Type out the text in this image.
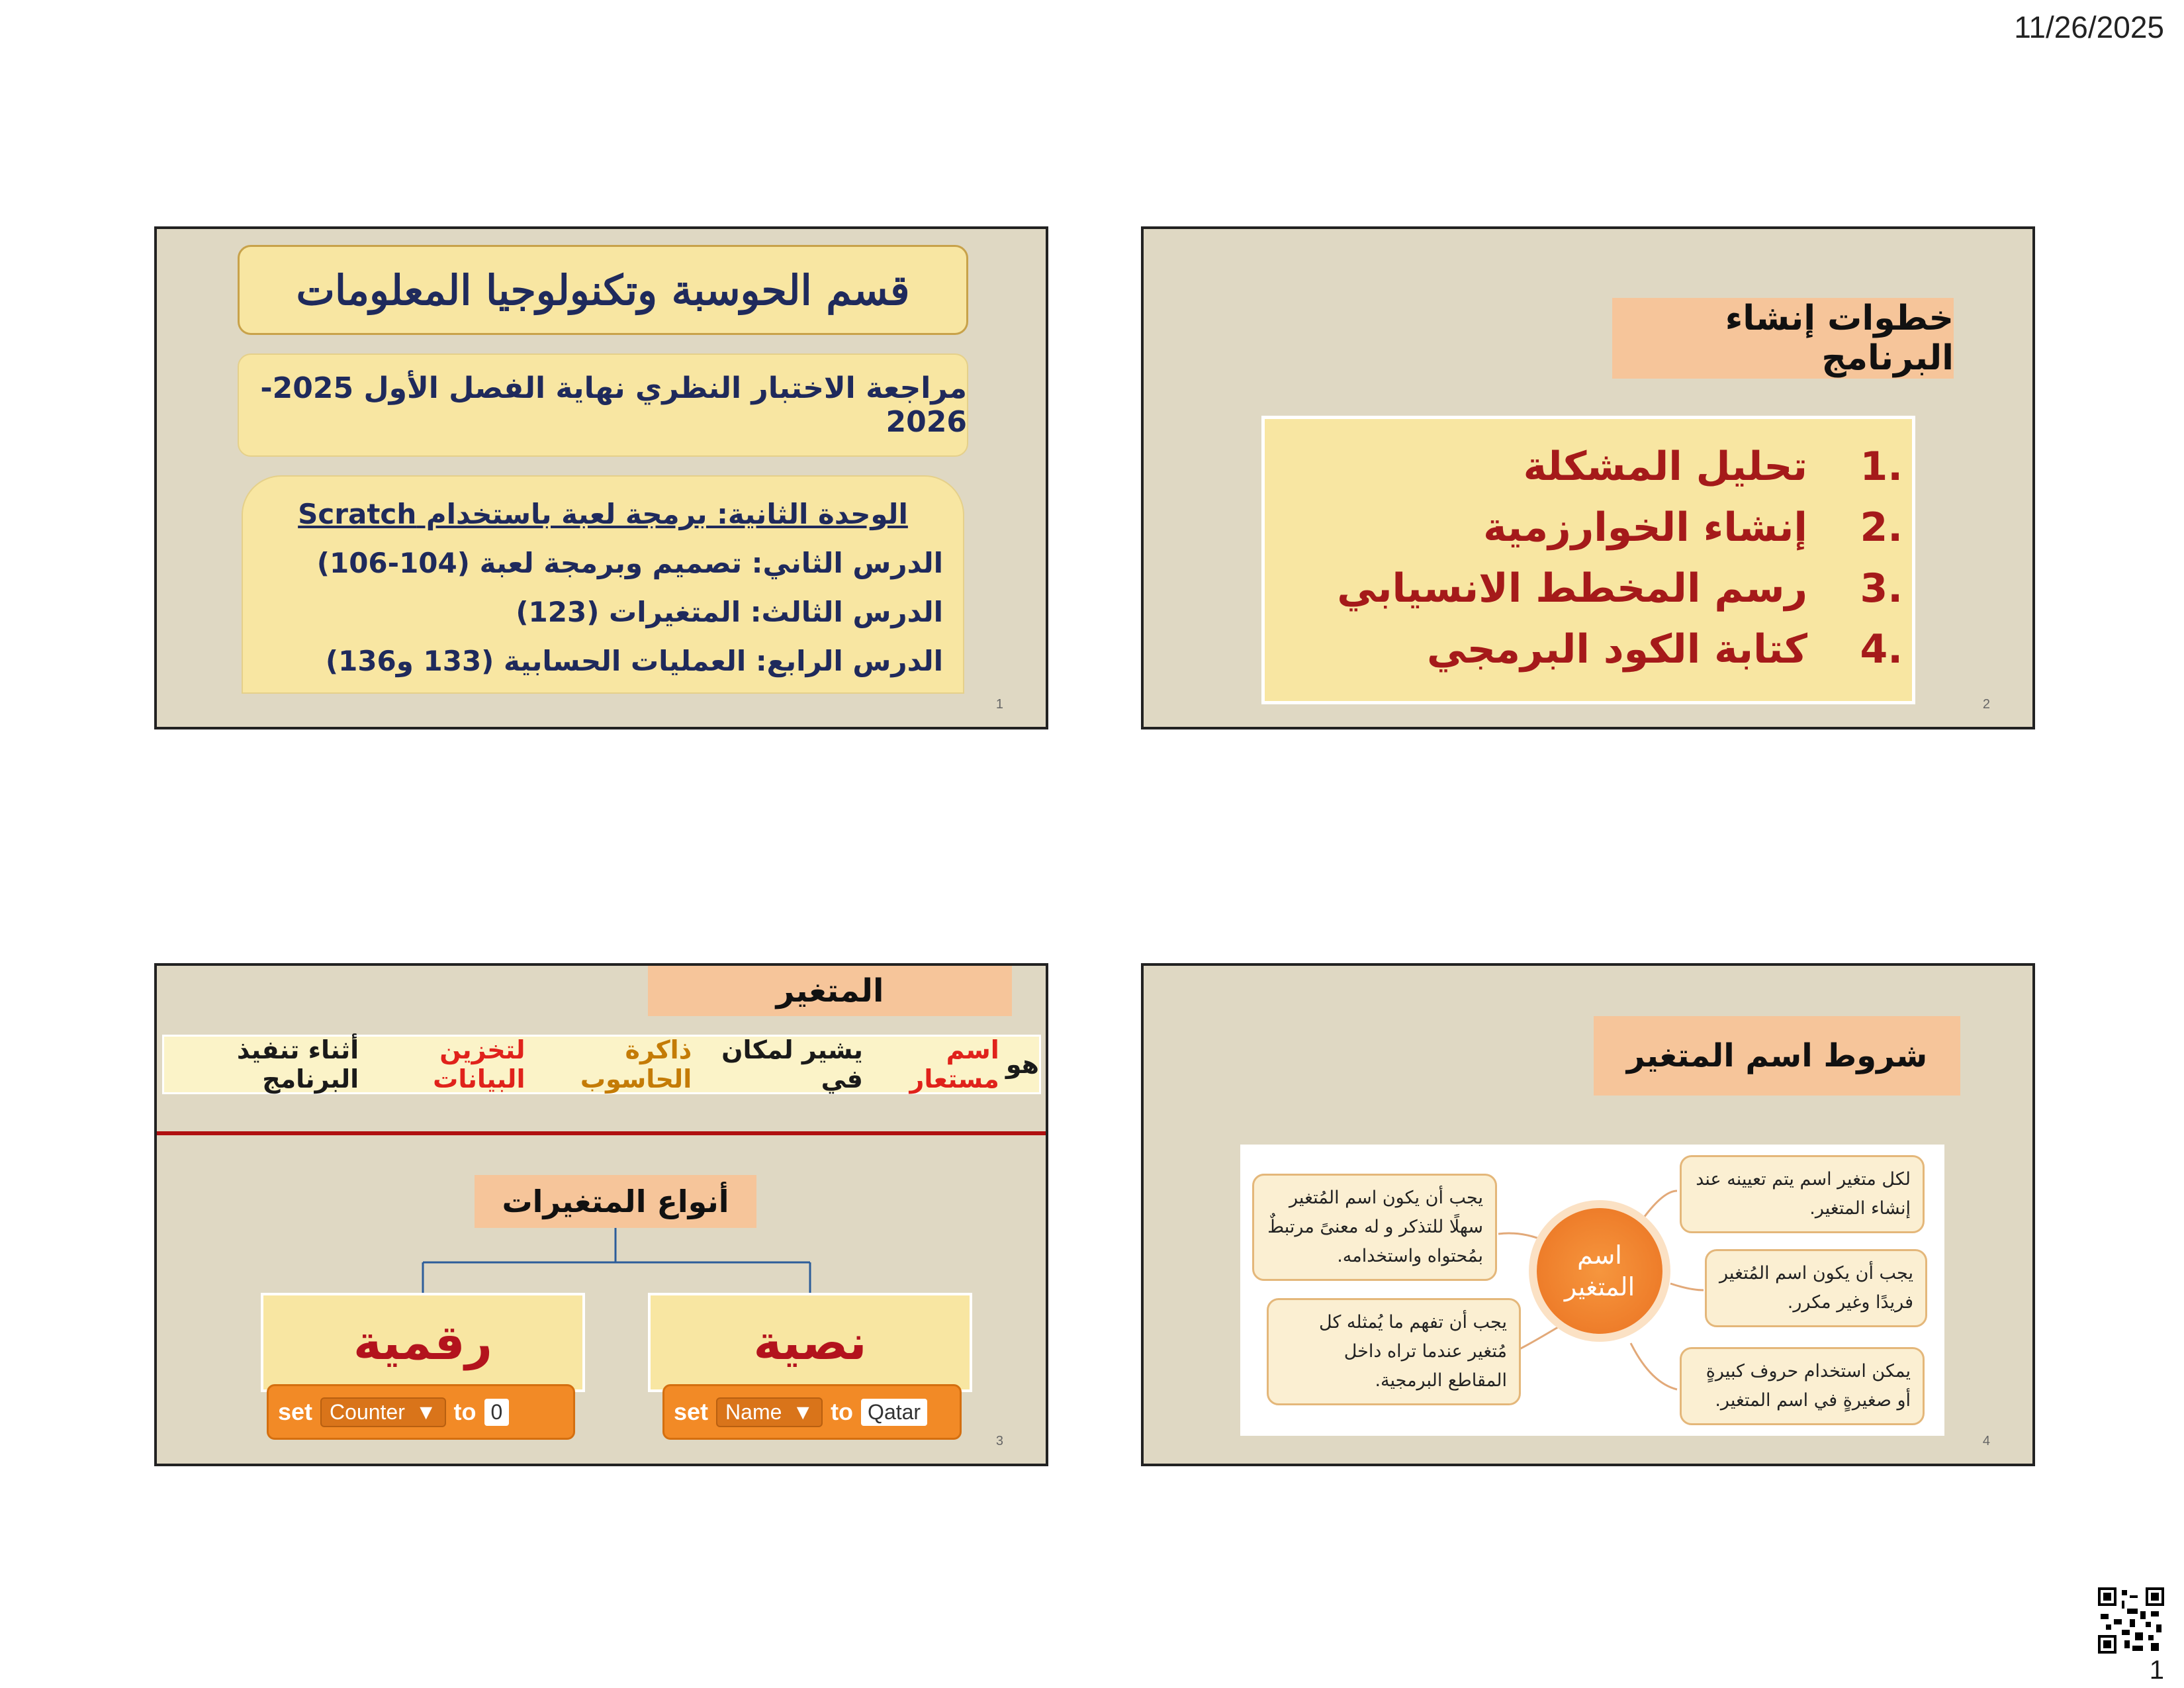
11/26/2025
قسم الحوسبة وتكنولوجيا المعلومات
مراجعة الاختبار النظري نهاية الفصل الأول 2025-2026
الوحدة الثانية: برمجة لعبة باستخدام Scratch
الدرس الثاني: تصميم وبرمجة لعبة (104-106)
الدرس الثالث: المتغيرات (123)
الدرس الرابع: العمليات الحسابية (133 و136)
1
خطوات إنشاء البرنامج
.1
تحليل المشكلة
.2
إنشاء الخوارزمية
.3
رسم المخطط الانسيابي
.4
كتابة الكود البرمجي
2
المتغير
هو
اسم مستعار
يشير لمكان في
ذاكرة الحاسوب
لتخزين البيانات
أثناء تنفيذ البرنامج
أنواع المتغيرات
رقمية	نصية
set Counter ▼ to 0	set Name ▼ to Qatar
3
شروط اسم المتغير
اسم المتغير
لكل متغير اسم يتم تعيينه عند إنشاء المتغير.
يجب أن يكون اسم المُتغير فريدًا وغير مكرر.
يمكن استخدام حروف كبيرةٍ أو صغيرةٍ في اسم المتغير.
يجب أن يكون اسم المُتغير سهلًا للتذكر و له معنىً مرتبطٌ بمُحتواه واستخدامه.
يجب أن تفهم ما يُمثله كل مُتغير عندما تراه داخل المقاطع البرمجية.
4
1
